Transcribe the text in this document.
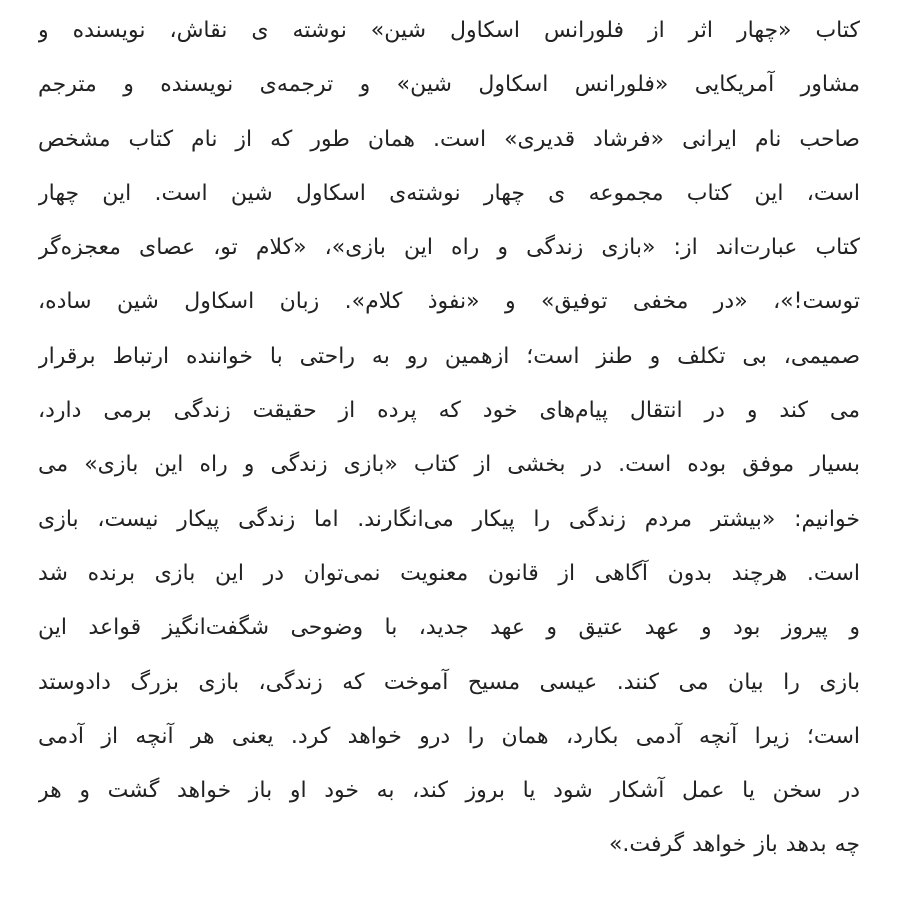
کتاب «چهار اثر از فلورانس اسکاول شین» نوشته ی نقاش، نویسنده و
مشاور آمریکایی «فلورانس اسکاول شین» و ترجمه‌ی نویسنده و مترجم
صاحب نام ایرانی «فرشاد قدیری» است. همان طور که از نام کتاب مشخص
است، این کتاب مجموعه ی چهار نوشته‌ی اسکاول شین است. این چهار
کتاب عبارت‌اند از: «بازی زندگی و راه این بازی»، «کلام تو، عصای معجزه‌گر
توست!»، «در مخفی توفیق» و «نفوذ کلام». زبان اسکاول شین ساده،
صمیمی، بی تکلف و طنز است؛ ازهمین رو به راحتی با خواننده ارتباط برقرار
می کند و در انتقال پیام‌های خود که پرده از حقیقت زندگی برمی دارد،
بسیار موفق بوده است. در بخشی از کتاب «بازی زندگی و راه این بازی» می
خوانیم: «بیشتر مردم زندگی را پیکار می‌انگارند. اما زندگی پیکار نیست، بازی
است. هرچند بدون آگاهی از قانون معنویت نمی‌توان در این بازی برنده شد
و پیروز بود و عهد عتیق و عهد جدید، با وضوحی شگفت‌انگیز قواعد این
بازی را بیان می کنند. عیسی مسیح آموخت که زندگی، بازی بزرگ دادوستد
است؛ زیرا آنچه آدمی بکارد، همان را درو خواهد کرد. یعنی هر آنچه از آدمی
در سخن یا عمل آشکار شود یا بروز کند، به خود او باز خواهد گشت و هر
چه بدهد باز خواهد گرفت.»
